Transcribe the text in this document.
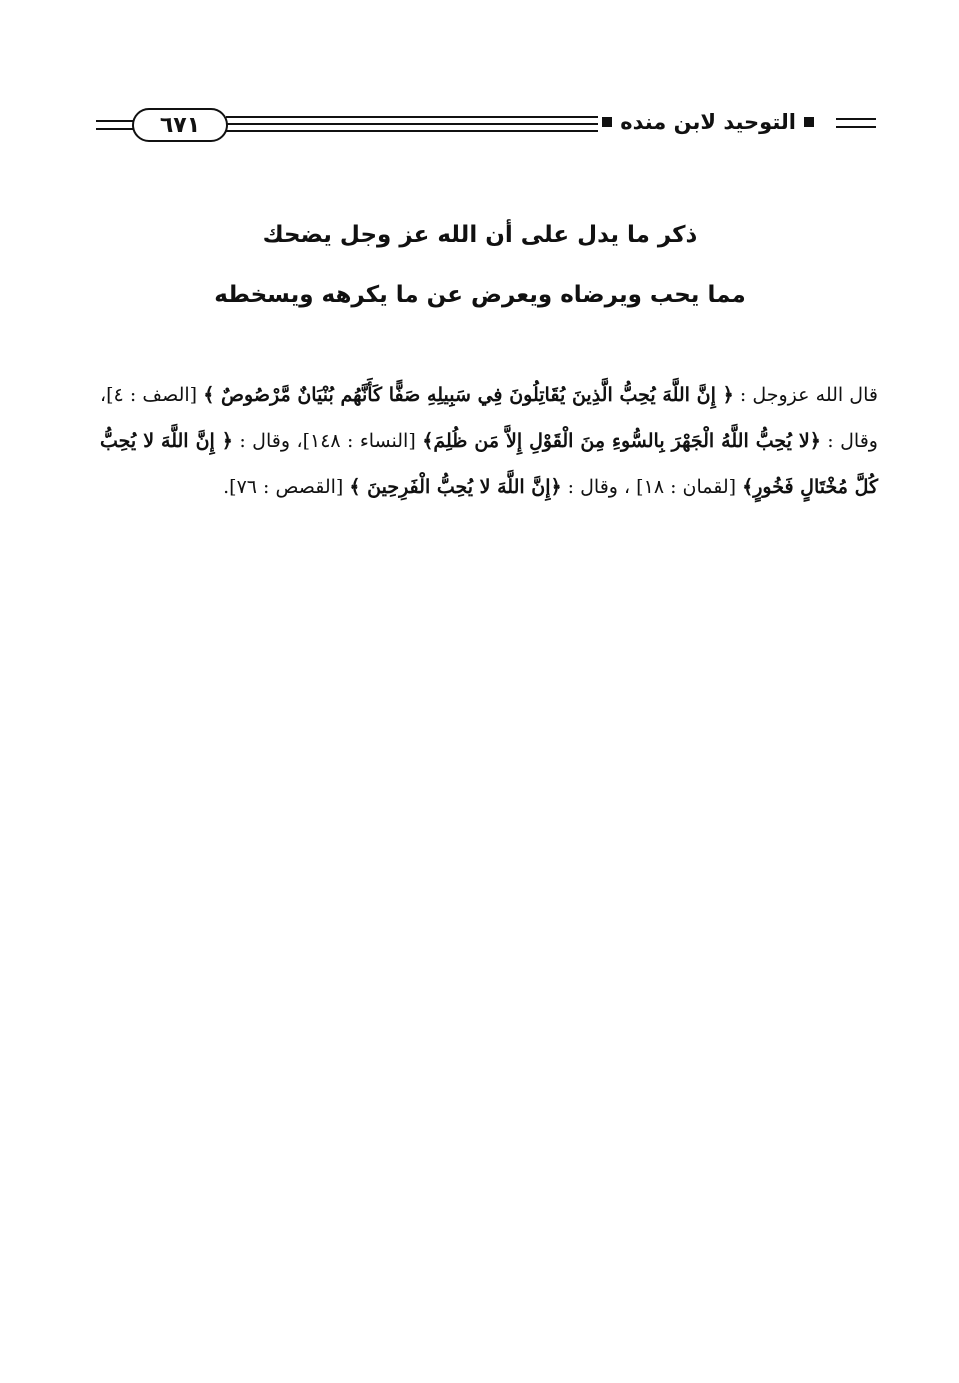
٦٧١	التوحيد لابن منده
ذكر ما يدل على أن الله عز وجل يضحك
مما يحب ويرضاه ويعرض عن ما يكرهه ويسخطه
قال الله عزوجل : ﴿ إِنَّ اللَّهَ يُحِبُّ الَّذِينَ يُقَاتِلُونَ فِي سَبِيلِهِ صَفًّا كَأَنَّهُم بُنْيَانٌ مَّرْصُوصٌ ﴾ [الصف : ٤]، وقال : ﴿لا يُحِبُّ اللَّهُ الْجَهْرَ بِالسُّوءِ مِنَ الْقَوْلِ إِلاَّ مَن ظُلِمَ﴾ [النساء : ١٤٨]، وقال : ﴿ إِنَّ اللَّهَ لا يُحِبُّ كُلَّ مُخْتَالٍ فَخُورٍ﴾ [لقمان : ١٨] ، وقال : ﴿إِنَّ اللَّهَ لا يُحِبُّ الْفَرِحِينَ ﴾ [القصص : ٧٦].
